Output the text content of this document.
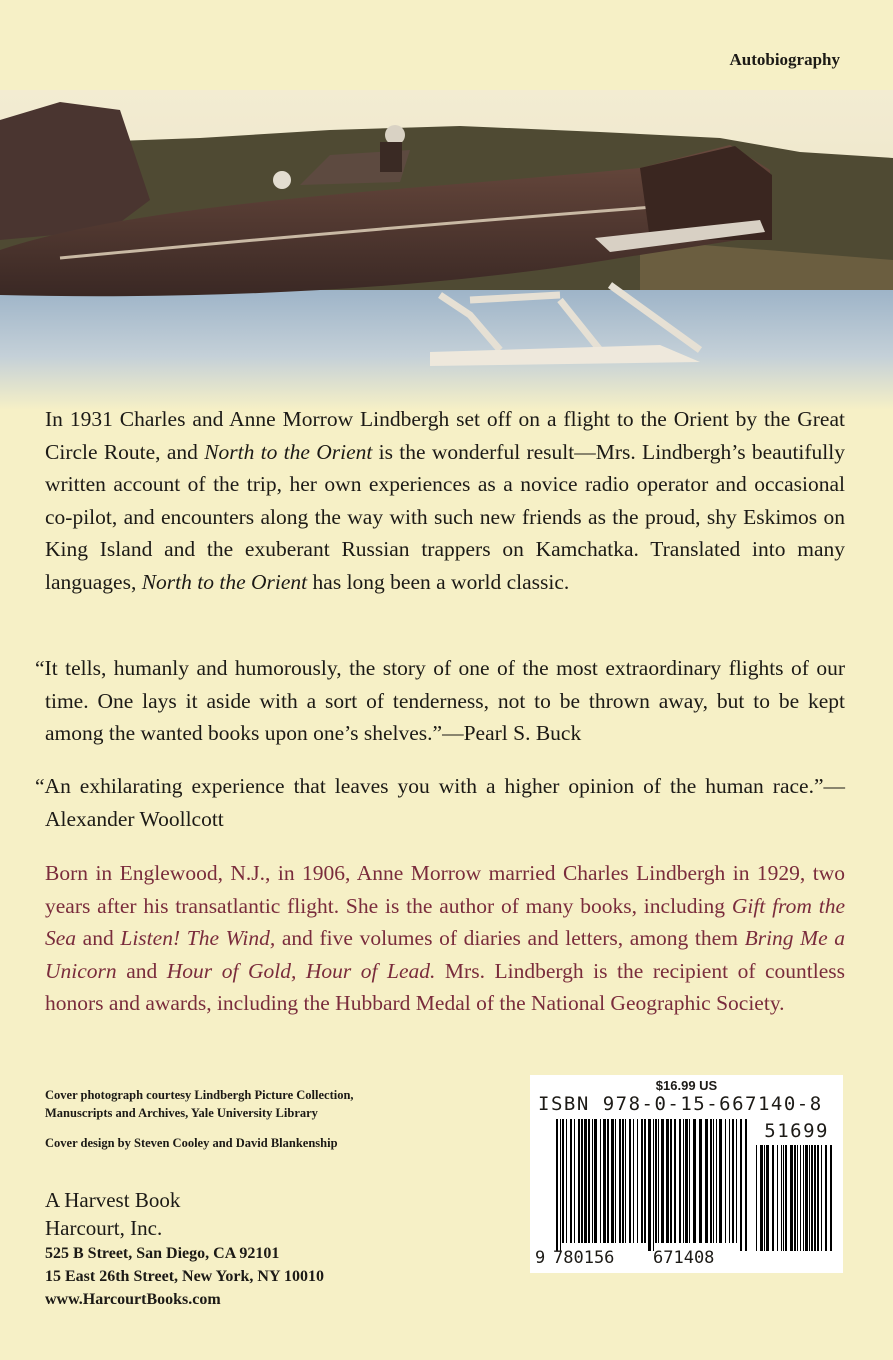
Autobiography

In 1931 Charles and Anne Morrow Lindbergh set off on a flight to the Orient by the Great Circle Route, and North to the Orient is the wonderful result—Mrs. Lindbergh’s beautifully written account of the trip, her own experiences as a novice radio operator and occasional co-pilot, and encounters along the way with such new friends as the proud, shy Eskimos on King Island and the exuberant Russian trappers on Kamchatka. Translated into many languages, North to the Orient has long been a world classic.

“It tells, humanly and humorously, the story of one of the most extraordinary flights of our time. One lays it aside with a sort of tenderness, not to be thrown away, but to be kept among the wanted books upon one’s shelves.”—Pearl S. Buck

“An exhilarating experience that leaves you with a higher opinion of the human race.”—Alexander Woollcott

Born in Englewood, N.J., in 1906, Anne Morrow married Charles Lindbergh in 1929, two years after his transatlantic flight. She is the author of many books, including Gift from the Sea and Listen! The Wind, and five volumes of diaries and letters, among them Bring Me a Unicorn and Hour of Gold, Hour of Lead. Mrs. Lindbergh is the recipient of countless honors and awards, including the Hubbard Medal of the National Geographic Society.

Cover photograph courtesy Lindbergh Picture Collection,
Manuscripts and Archives, Yale University Library

Cover design by Steven Cooley and David Blankenship

A Harvest Book
Harcourt, Inc.
525 B Street, San Diego, CA 92101
15 East 26th Street, New York, NY 10010
www.HarcourtBooks.com
$16.99 US
ISBN 978-0-15-667140-8
51699
9 780156 671408
